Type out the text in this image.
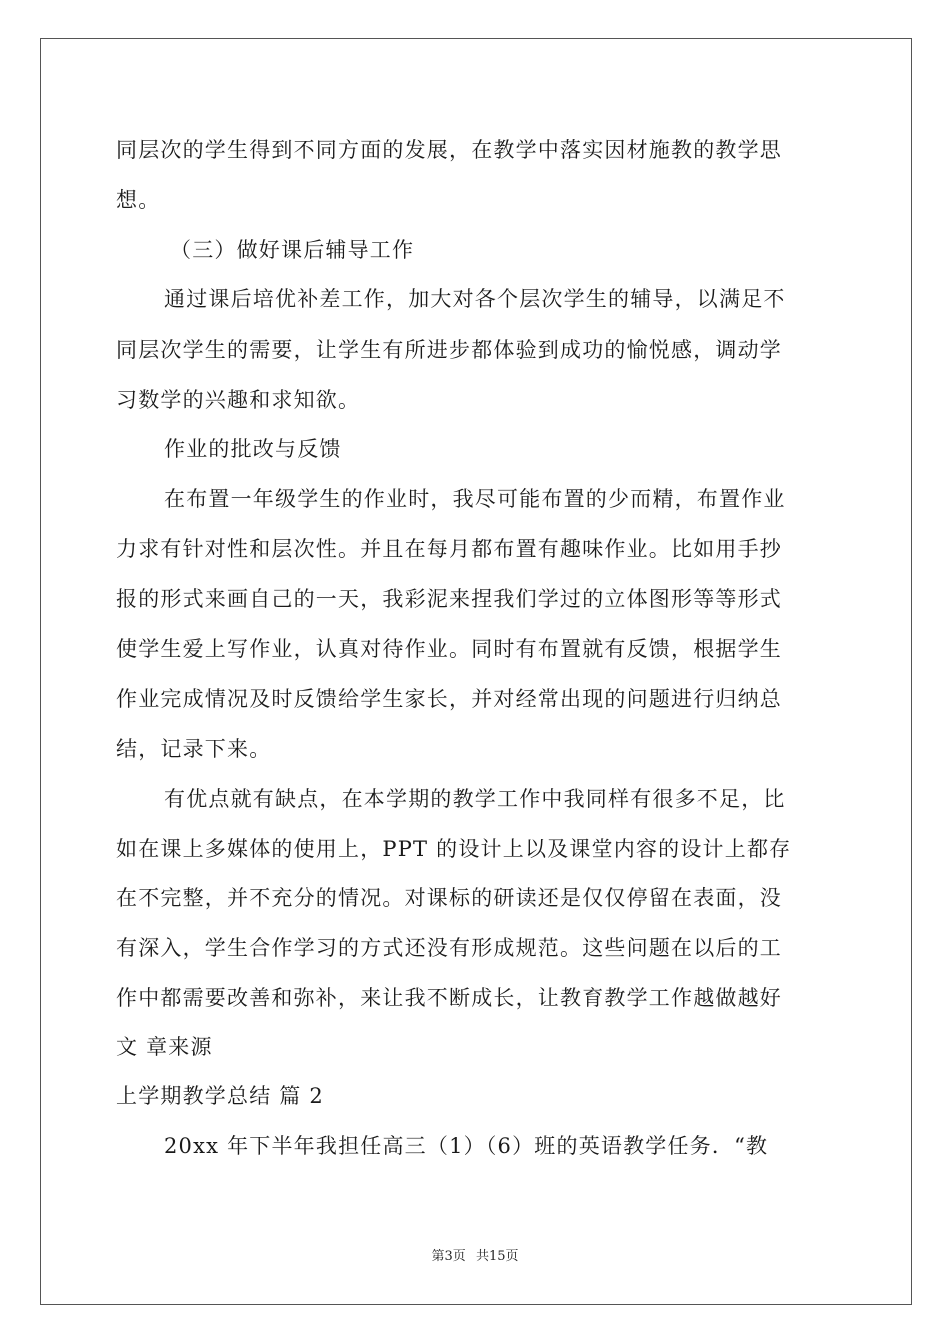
同层次的学生得到不同方面的发展，在教学中落实因材施教的教学思
想。
（三）做好课后辅导工作
通过课后培优补差工作，加大对各个层次学生的辅导，以满足不
同层次学生的需要，让学生有所进步都体验到成功的愉悦感，调动学
习数学的兴趣和求知欲。
作业的批改与反馈
在布置一年级学生的作业时，我尽可能布置的少而精，布置作业
力求有针对性和层次性。并且在每月都布置有趣味作业。比如用手抄
报的形式来画自己的一天，我彩泥来捏我们学过的立体图形等等形式
使学生爱上写作业，认真对待作业。同时有布置就有反馈，根据学生
作业完成情况及时反馈给学生家长，并对经常出现的问题进行归纳总
结，记录下来。
有优点就有缺点，在本学期的教学工作中我同样有很多不足，比
如在课上多媒体的使用上，PPT 的设计上以及课堂内容的设计上都存
在不完整，并不充分的情况。对课标的研读还是仅仅停留在表面，没
有深入，学生合作学习的方式还没有形成规范。这些问题在以后的工
作中都需要改善和弥补，来让我不断成长，让教育教学工作越做越好
文 章来源
上学期教学总结 篇 2
20xx 年下半年我担任高三（1）（6）班的英语教学任务．“教
第3页 共15页
